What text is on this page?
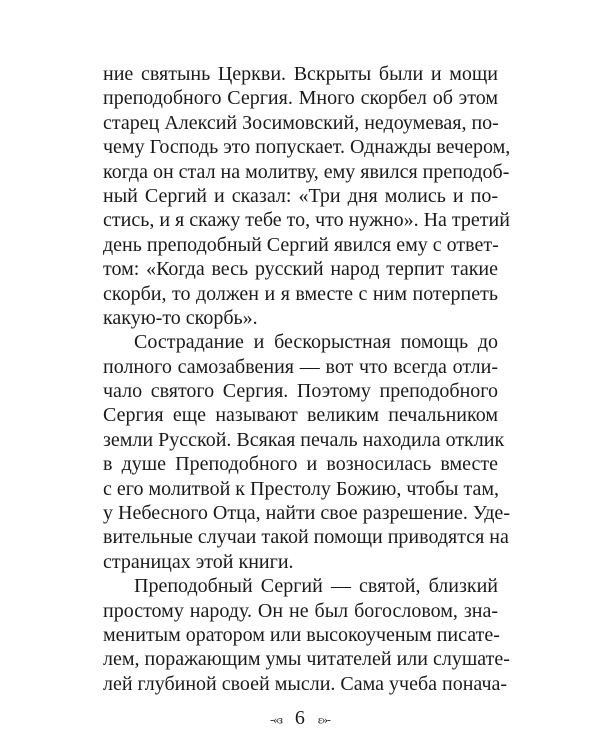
ние святынь Церкви. Вскрыты были и мощи
преподобного Сергия. Много скорбел об этом
старец Алексий Зосимовский, недоумевая, по-
чему Господь это попускает. Однажды вечером,
когда он стал на молитву, ему явился преподоб-
ный Сергий и сказал: «Три дня молись и по-
стись, и я скажу тебе то, что нужно». На третий
день преподобный Сергий явился ему с ответ-
том: «Когда весь русский народ терпит такие
скорби, то должен и я вместе с ним потерпеть
какую-то скорбь».
Сострадание и бескорыстная помощь до
полного самозабвения — вот что всегда отли-
чало святого Сергия. Поэтому преподобного
Сергия еще называют великим печальником
земли Русской. Всякая печаль находила отклик
в душе Преподобного и возносилась вместе
с его молитвой к Престолу Божию, чтобы там,
у Небесного Отца, найти свое разрешение. Удe-
вительные случаи такой помощи приводятся на
страницах этой книги.
Преподобный Сергий — святой, близкий
простому народу. Он не был богословом, зна-
менитым оратором или высокоученым писате-
лем, поражающим умы читателей или слушате-
лей глубиной своей мысли. Сама учеба понача-
-«з 6 ε»-
